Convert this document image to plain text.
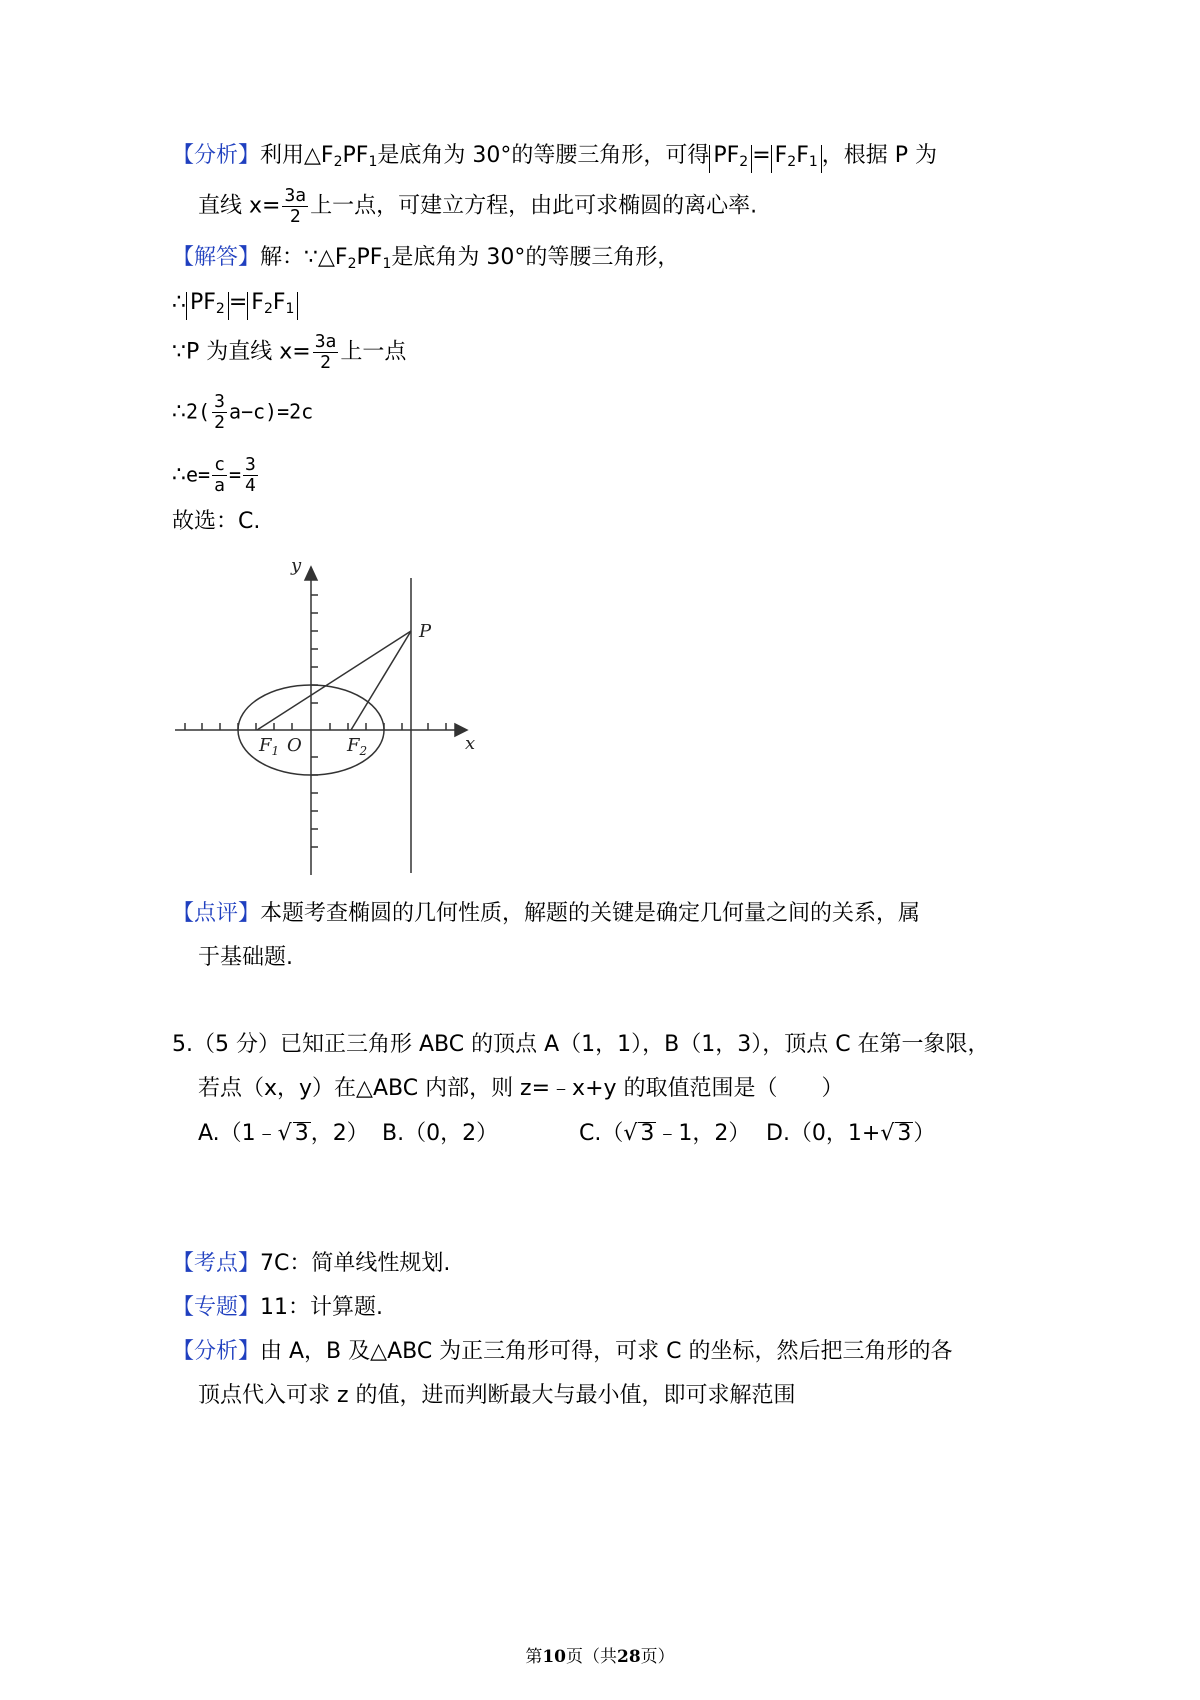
【分析】利用$\triangle F_2PF_1$是底角为 30°的等腰三角形，可得 $PF_2 = F_2F_1$ ，根据 P 为
直线 $x= \frac{3a}{2}$ 上一点，可建立方程，由此可求椭圆的离心率.
【解答】解：$\because\triangle F_2PF_1$是底角为 30°的等腰三角形，
∴ $PF_2 = F_2F_1$
∵P 为直线 $x= \frac{3a}{2}$ 上一点
∴2( $\frac{3}{2} a-c)=2c$
∴e= $\frac{c}{a} = \frac{3}{4}$
故选：C.
y
x
P
$F_1$ O	$F_2$
【点评】本题考查椭圆的几何性质，解题的关键是确定几何量之间的关系，属
于基础题.
5.（5 分）已知正三角形 ABC 的顶点 A（1，1），B（1，3），顶点 C 在第一象限，
若点（x，y）在△ABC 内部，则 z=﹣x+y 的取值范围是（　　）
A.（1﹣√ 3，2） B.（0，2）	C.（√ 3﹣1，2） D.（0，1+√ 3）
【考点】7C：简单线性规划.
【专题】11：计算题.
【分析】由 A，B 及△ABC 为正三角形可得，可求 C 的坐标，然后把三角形的各
顶点代入可求 z 的值，进而判断最大与最小值，即可求解范围
第10页（共28页）
